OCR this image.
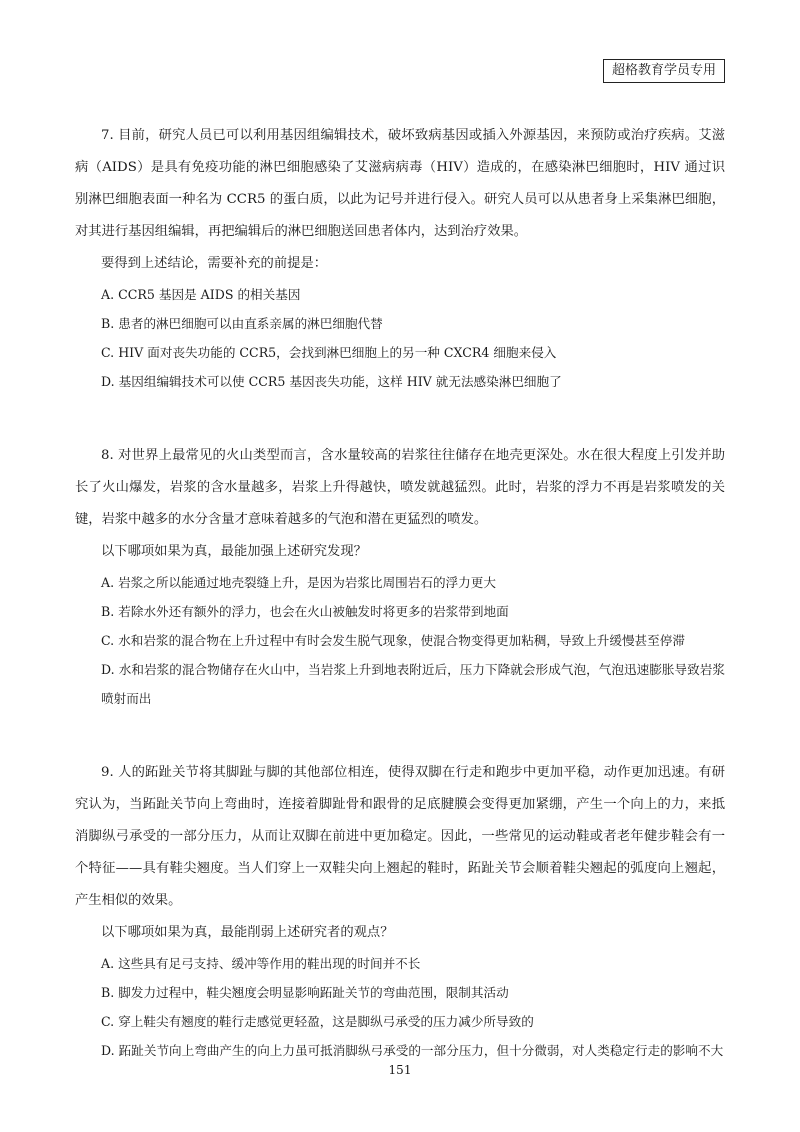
超格教育学员专用

7. 目前，研究人员已可以利用基因组编辑技术，破坏致病基因或插入外源基因，来预防或治疗疾病。艾滋病（AIDS）是具有免疫功能的淋巴细胞感染了艾滋病病毒（HIV）造成的，在感染淋巴细胞时，HIV 通过识别淋巴细胞表面一种名为 CCR5 的蛋白质，以此为记号并进行侵入。研究人员可以从患者身上采集淋巴细胞，对其进行基因组编辑，再把编辑后的淋巴细胞送回患者体内，达到治疗效果。

要得到上述结论，需要补充的前提是：

A. CCR5 基因是 AIDS 的相关基因
B. 患者的淋巴细胞可以由直系亲属的淋巴细胞代替
C. HIV 面对丧失功能的 CCR5，会找到淋巴细胞上的另一种 CXCR4 细胞来侵入
D. 基因组编辑技术可以使 CCR5 基因丧失功能，这样 HIV 就无法感染淋巴细胞了

8. 对世界上最常见的火山类型而言，含水量较高的岩浆往往储存在地壳更深处。水在很大程度上引发并助长了火山爆发，岩浆的含水量越多，岩浆上升得越快，喷发就越猛烈。此时，岩浆的浮力不再是岩浆喷发的关键，岩浆中越多的水分含量才意味着越多的气泡和潜在更猛烈的喷发。

以下哪项如果为真，最能加强上述研究发现？

A. 岩浆之所以能通过地壳裂缝上升，是因为岩浆比周围岩石的浮力更大
B. 若除水外还有额外的浮力，也会在火山被触发时将更多的岩浆带到地面
C. 水和岩浆的混合物在上升过程中有时会发生脱气现象，使混合物变得更加粘稠，导致上升缓慢甚至停滞
D. 水和岩浆的混合物储存在火山中，当岩浆上升到地表附近后，压力下降就会形成气泡，气泡迅速膨胀导致岩浆喷射而出

9. 人的跖趾关节将其脚趾与脚的其他部位相连，使得双脚在行走和跑步中更加平稳，动作更加迅速。有研究认为，当跖趾关节向上弯曲时，连接着脚趾骨和跟骨的足底腱膜会变得更加紧绷，产生一个向上的力，来抵消脚纵弓承受的一部分压力，从而让双脚在前进中更加稳定。因此，一些常见的运动鞋或者老年健步鞋会有一个特征——具有鞋尖翘度。当人们穿上一双鞋尖向上翘起的鞋时，跖趾关节会顺着鞋尖翘起的弧度向上翘起，产生相似的效果。

以下哪项如果为真，最能削弱上述研究者的观点？

A. 这些具有足弓支持、缓冲等作用的鞋出现的时间并不长
B. 脚发力过程中，鞋尖翘度会明显影响跖趾关节的弯曲范围，限制其活动
C. 穿上鞋尖有翘度的鞋行走感觉更轻盈，这是脚纵弓承受的压力减少所导致的
D. 跖趾关节向上弯曲产生的向上力虽可抵消脚纵弓承受的一部分压力，但十分微弱，对人类稳定行走的影响不大
151
